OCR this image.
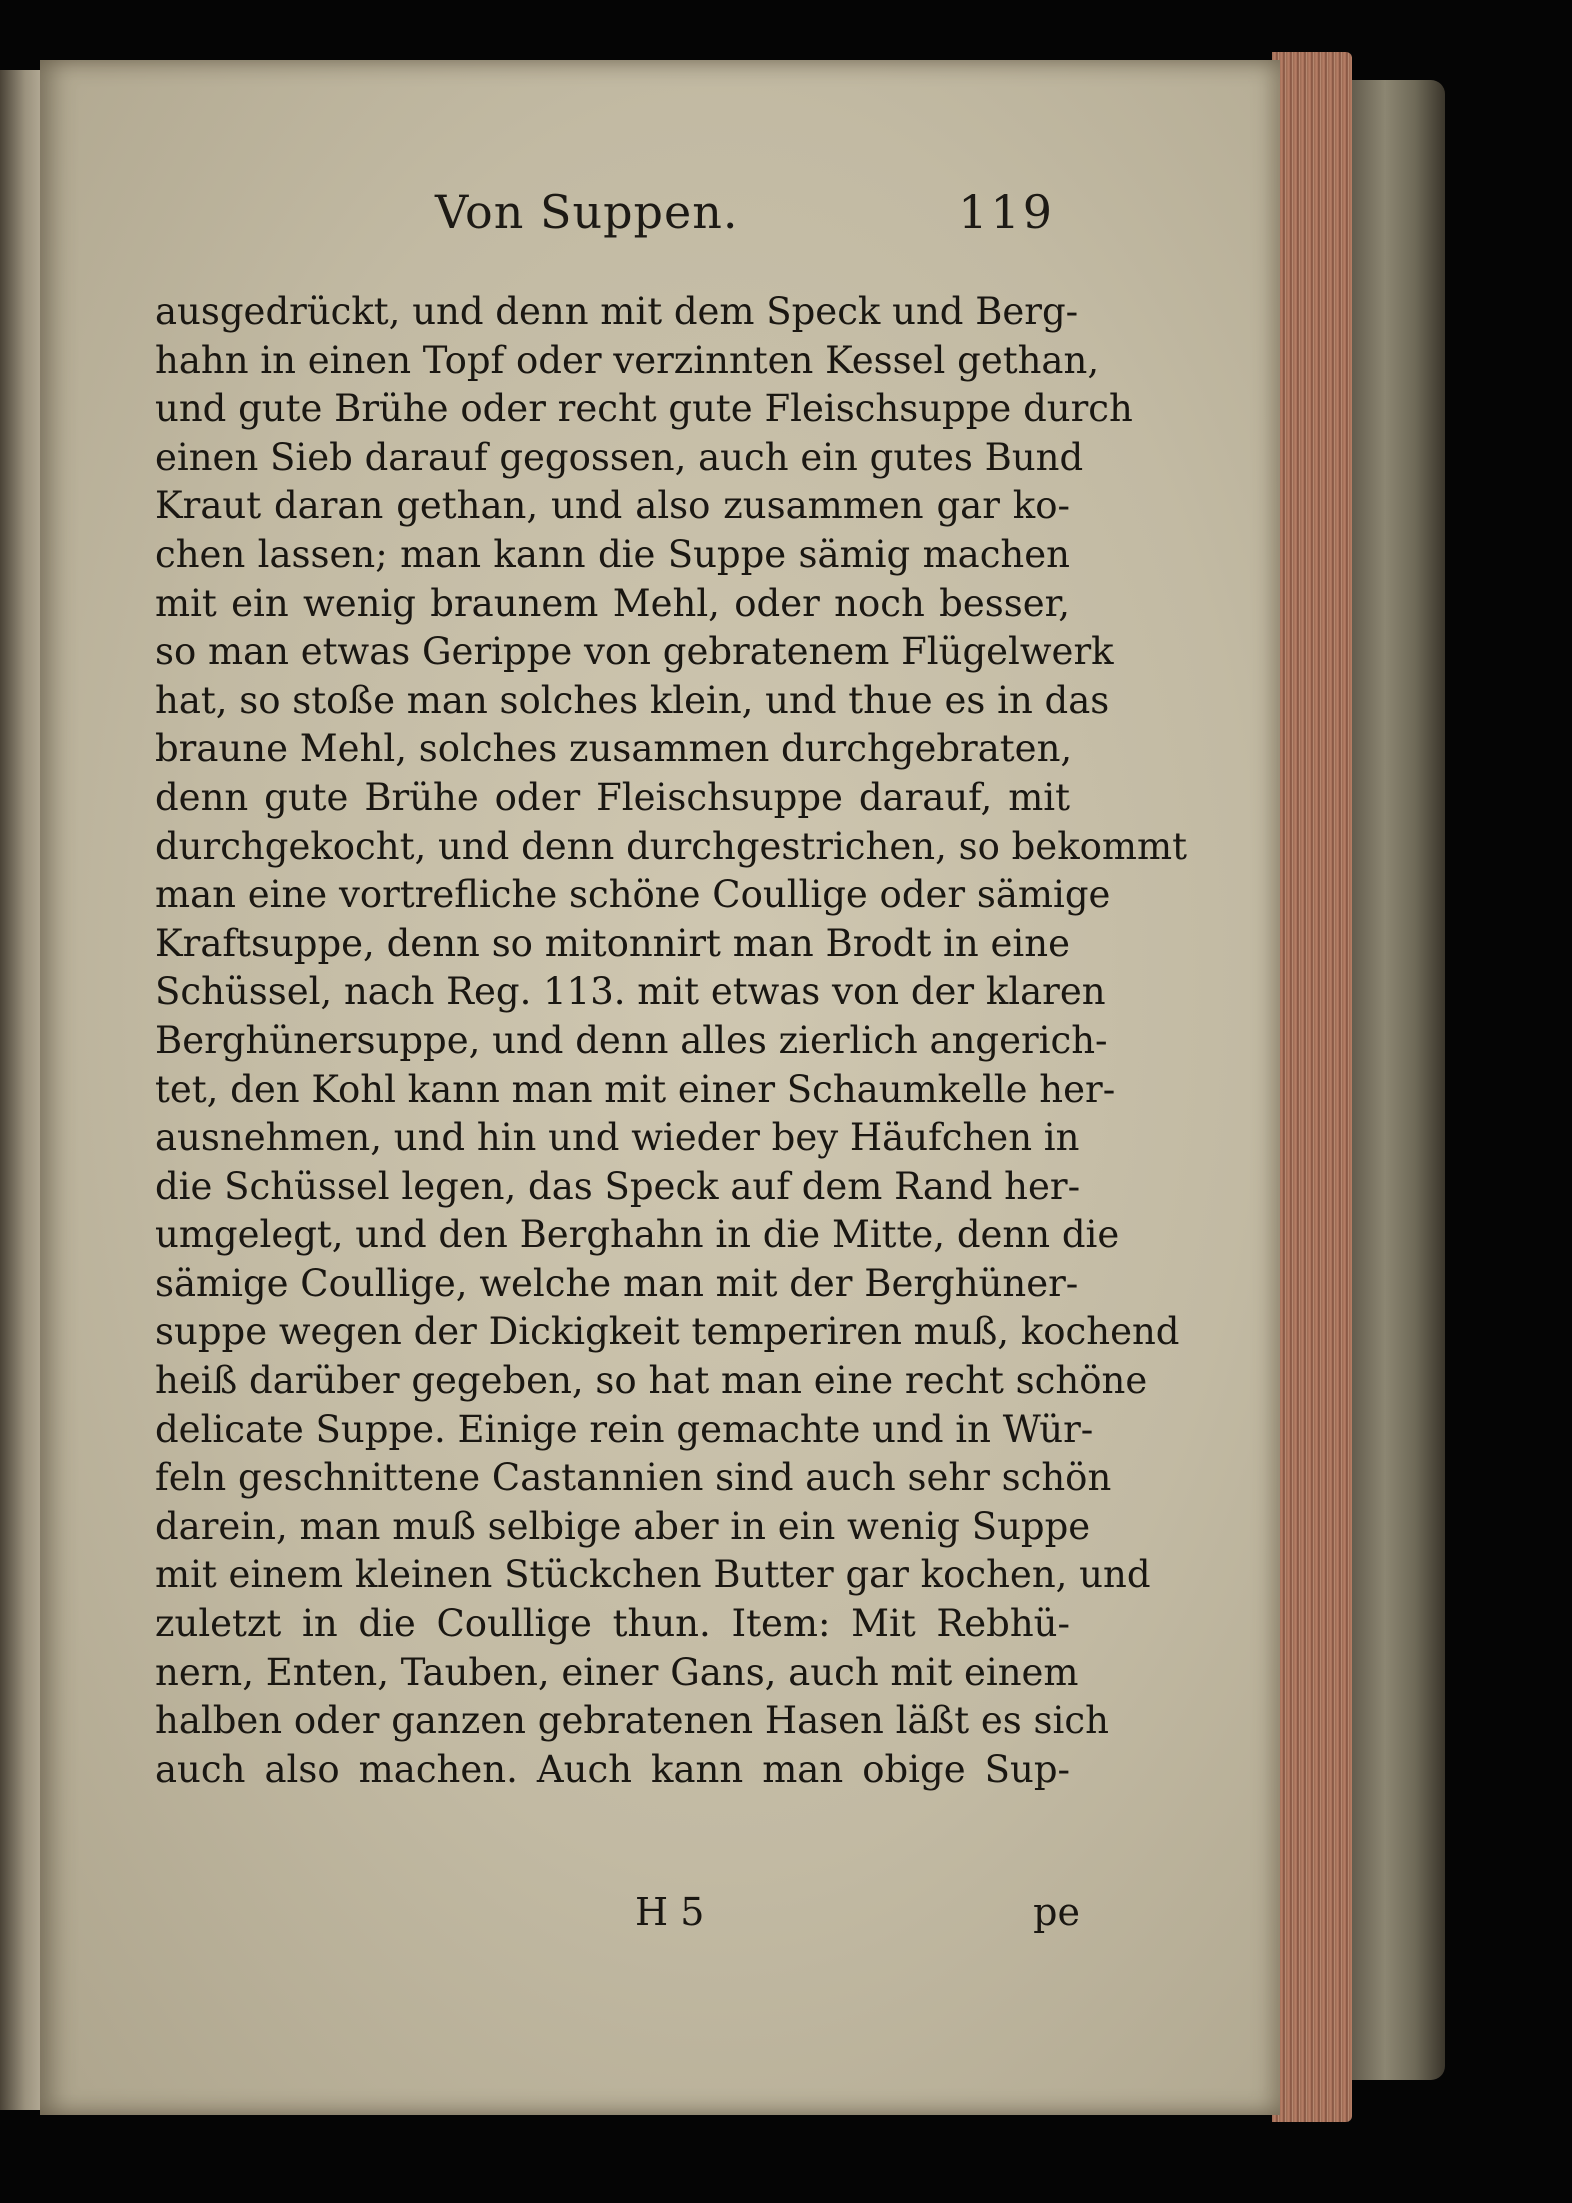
Von Suppen.	119
ausgedrückt, und denn mit dem Speck und Berg-
hahn in einen Topf oder verzinnten Kessel gethan,
und gute Brühe oder recht gute Fleischsuppe durch
einen Sieb darauf gegossen, auch ein gutes Bund
Kraut daran gethan, und also zusammen gar ko-
chen lassen; man kann die Suppe sämig machen
mit ein wenig braunem Mehl, oder noch besser,
so man etwas Gerippe von gebratenem Flügelwerk
hat, so stoße man solches klein, und thue es in das
braune Mehl, solches zusammen durchgebraten,
denn gute Brühe oder Fleischsuppe darauf, mit
durchgekocht, und denn durchgestrichen, so bekommt
man eine vortrefliche schöne Coullige oder sämige
Kraftsuppe, denn so mitonnirt man Brodt in eine
Schüssel, nach Reg. 113. mit etwas von der klaren
Berghünersuppe, und denn alles zierlich angerich-
tet, den Kohl kann man mit einer Schaumkelle her-
ausnehmen, und hin und wieder bey Häufchen in
die Schüssel legen, das Speck auf dem Rand her-
umgelegt, und den Berghahn in die Mitte, denn die
sämige Coullige, welche man mit der Berghüner-
suppe wegen der Dickigkeit temperiren muß, kochend
heiß darüber gegeben, so hat man eine recht schöne
delicate Suppe. Einige rein gemachte und in Wür-
feln geschnittene Castannien sind auch sehr schön
darein, man muß selbige aber in ein wenig Suppe
mit einem kleinen Stückchen Butter gar kochen, und
zuletzt in die Coullige thun. Item: Mit Rebhü-
nern, Enten, Tauben, einer Gans, auch mit einem
halben oder ganzen gebratenen Hasen läßt es sich
auch also machen. Auch kann man obige Sup-
H 5	pe
